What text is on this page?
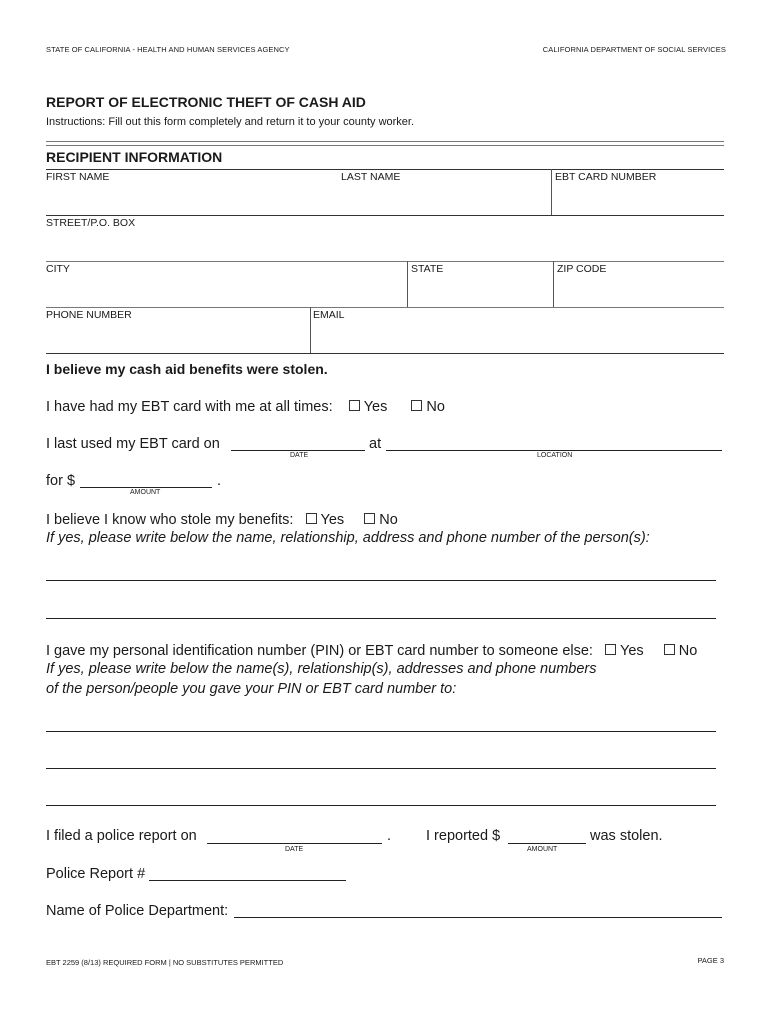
STATE OF CALIFORNIA - HEALTH AND HUMAN SERVICES AGENCY	CALIFORNIA DEPARTMENT OF SOCIAL SERVICES
REPORT OF ELECTRONIC THEFT OF CASH AID
Instructions: Fill out this form completely and return it to your county worker.
RECIPIENT INFORMATION
FIRST NAME	LAST NAME	EBT CARD NUMBER
STREET/P.O. BOX
CITY	STATE	ZIP CODE
PHONE NUMBER	EMAIL
I believe my cash aid benefits were stolen.
I have had my EBT card with me at all times: Yes	No
I last used my EBT card on
DATE
at
LOCATION
for $
AMOUNT
.
I believe I know who stole my benefits: Yes No
If yes, please write below the name, relationship, address and phone number of the person(s):
I gave my personal identification number (PIN) or EBT card number to someone else: Yes No
If yes, please write below the name(s), relationship(s), addresses and phone numbers
of the person/people you gave your PIN or EBT card number to:
I filed a police report on
DATE
. I reported $
AMOUNT
was stolen.
Police Report #
Name of Police Department:
EBT 2259 (8/13) REQUIRED FORM | NO SUBSTITUTES PERMITTED	PAGE 3
